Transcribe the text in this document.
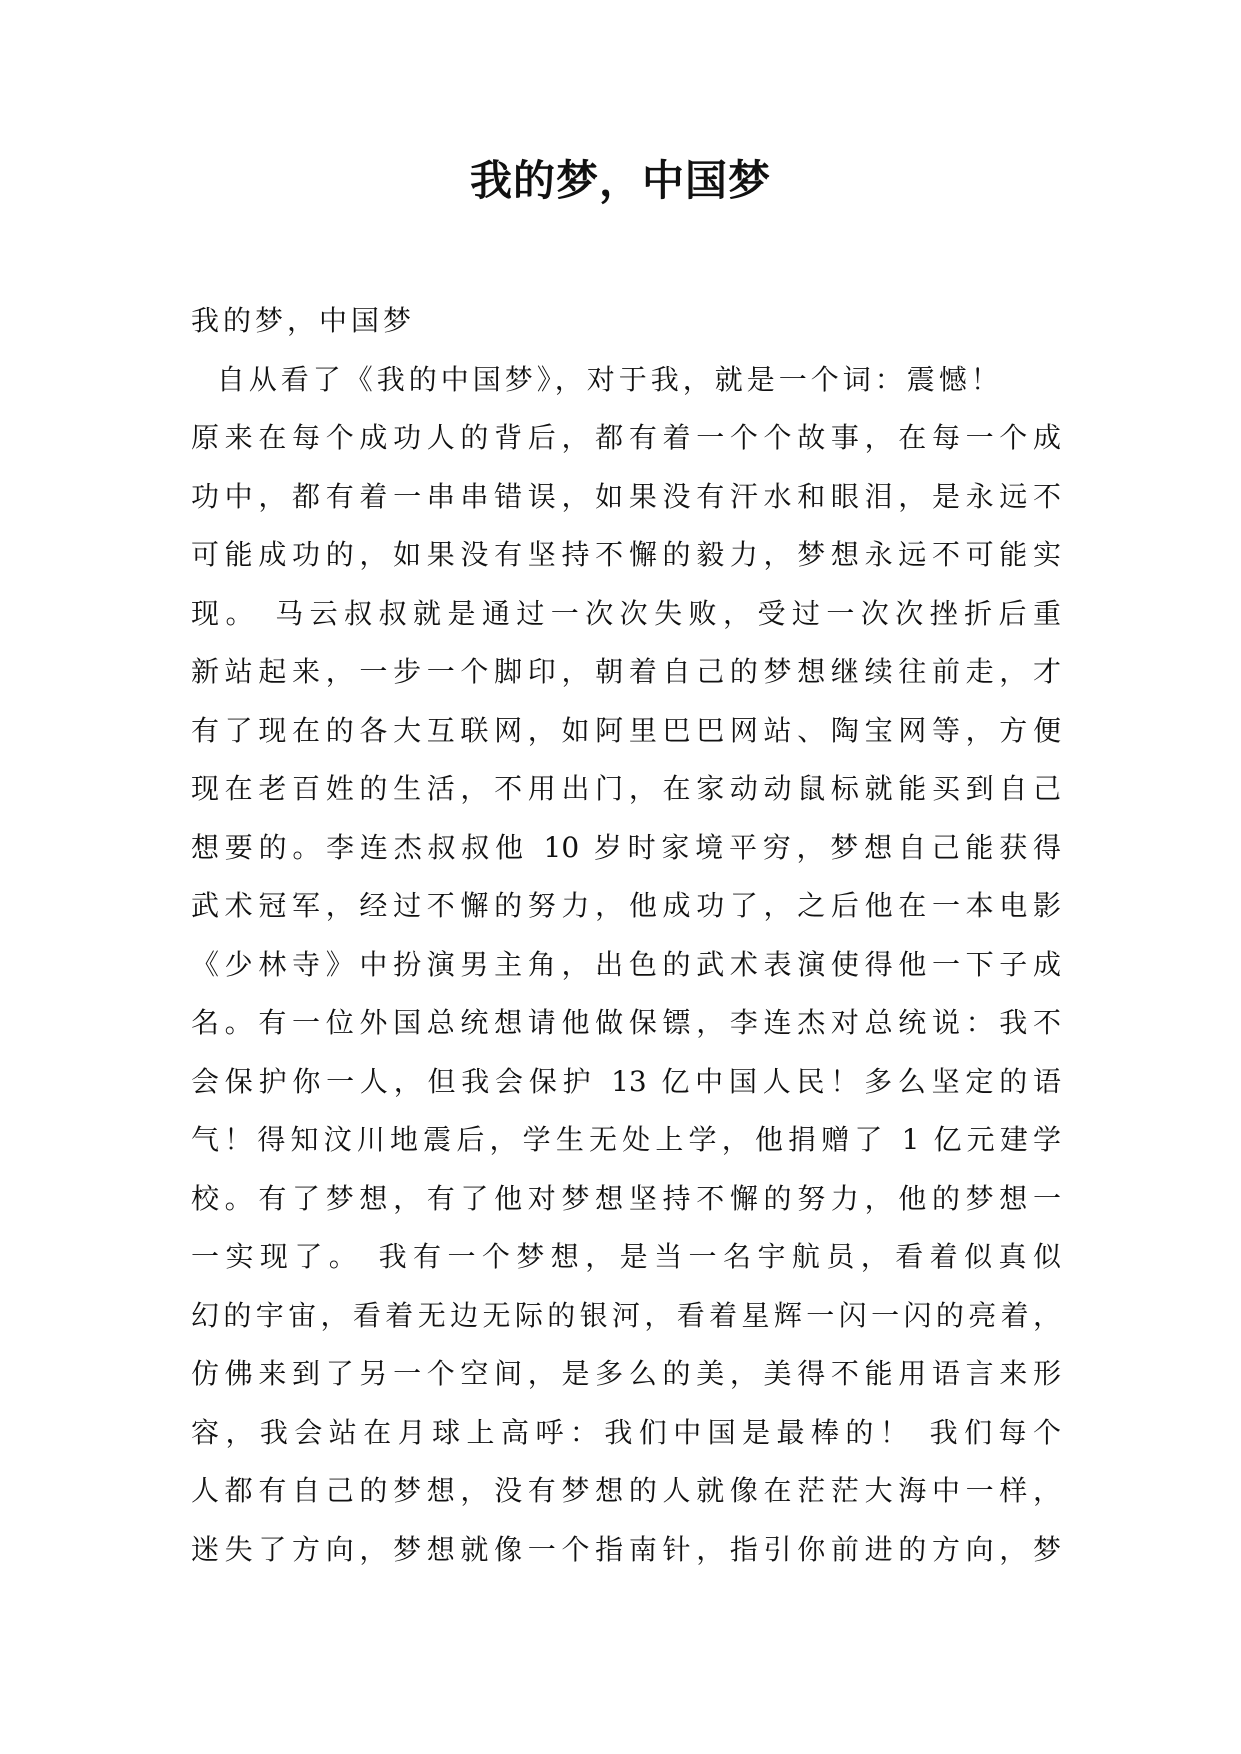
我的梦，中国梦
我的梦，中国梦
自从看了《我的中国梦》，对于我，就是一个词：震憾！
原来在每个成功人的背后，都有着一个个故事，在每一个成
功中，都有着一串串错误，如果没有汗水和眼泪，是永远不
可能成功的，如果没有坚持不懈的毅力，梦想永远不可能实
现。 马云叔叔就是通过一次次失败，受过一次次挫折后重
新站起来，一步一个脚印，朝着自己的梦想继续往前走，才
有了现在的各大互联网，如阿里巴巴网站、陶宝网等，方便
现在老百姓的生活，不用出门，在家动动鼠标就能买到自己
想要的。李连杰叔叔他 10 岁时家境平穷，梦想自己能获得
武术冠军，经过不懈的努力，他成功了，之后他在一本电影
《少林寺》中扮演男主角，出色的武术表演使得他一下子成
名。有一位外国总统想请他做保镖，李连杰对总统说：我不
会保护你一人，但我会保护 13 亿中国人民！多么坚定的语
气！得知汶川地震后，学生无处上学，他捐赠了 1 亿元建学
校。有了梦想，有了他对梦想坚持不懈的努力，他的梦想一
一实现了。 我有一个梦想，是当一名宇航员，看着似真似
幻的宇宙，看着无边无际的银河，看着星辉一闪一闪的亮着，
仿佛来到了另一个空间，是多么的美，美得不能用语言来形
容，我会站在月球上高呼：我们中国是最棒的！ 我们每个
人都有自己的梦想，没有梦想的人就像在茫茫大海中一样，
迷失了方向，梦想就像一个指南针，指引你前进的方向，梦
